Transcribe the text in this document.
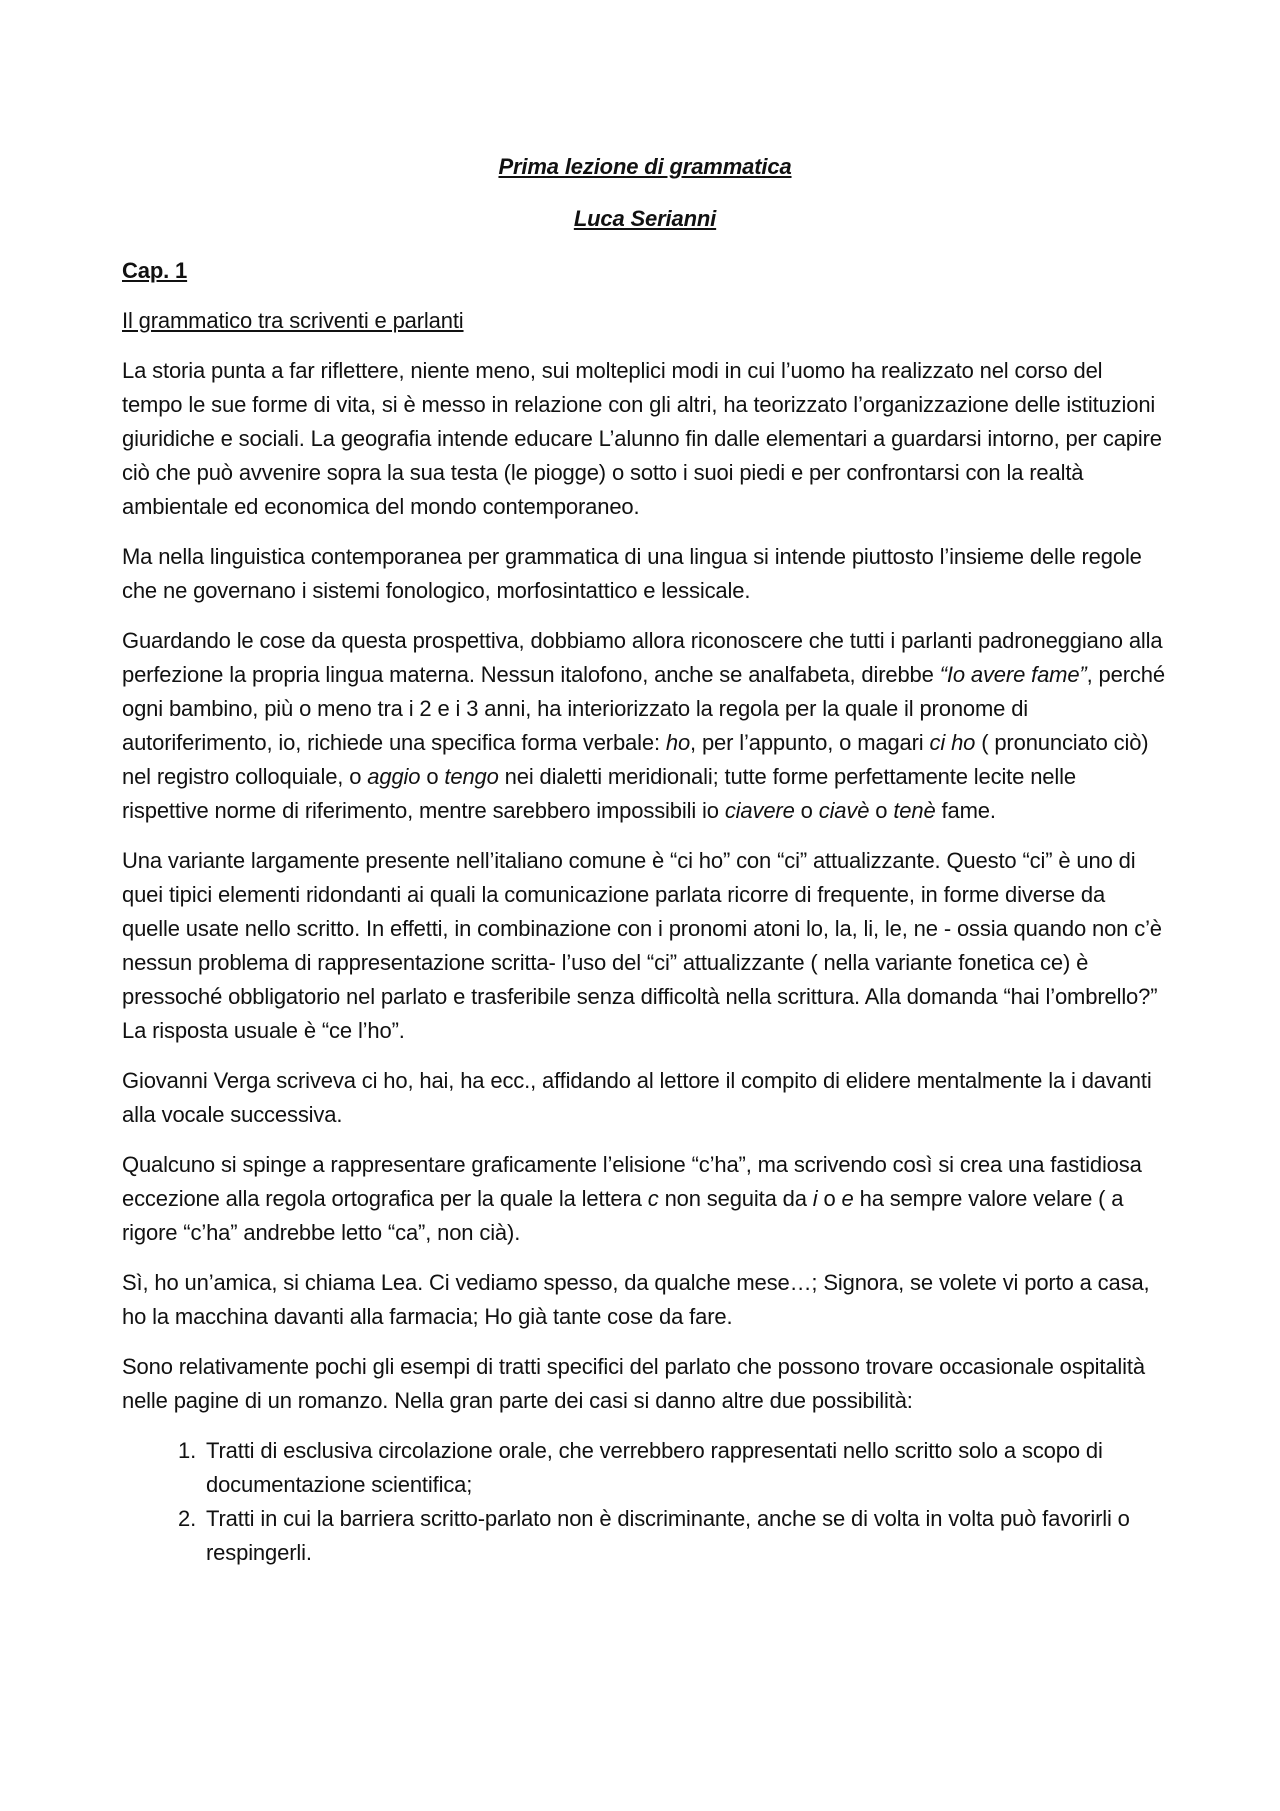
Prima lezione di grammatica

Luca Serianni

Cap. 1

Il grammatico tra scriventi e parlanti

La storia punta a far riflettere, niente meno, sui molteplici modi in cui l’uomo ha realizzato nel corso del tempo le sue forme di vita, si è messo in relazione con gli altri, ha teorizzato l’organizzazione delle istituzioni giuridiche e sociali. La geografia intende educare L’alunno fin dalle elementari a guardarsi intorno, per capire ciò che può avvenire sopra la sua testa (le piogge) o sotto i suoi piedi e per confrontarsi con la realtà ambientale ed economica del mondo contemporaneo.

Ma nella linguistica contemporanea per grammatica di una lingua si intende piuttosto l’insieme delle regole che ne governano i sistemi fonologico, morfosintattico e lessicale.

Guardando le cose da questa prospettiva, dobbiamo allora riconoscere che tutti i parlanti padroneggiano alla perfezione la propria lingua materna. Nessun italofono, anche se analfabeta, direbbe “Io avere fame”, perché ogni bambino, più o meno tra i 2 e i 3 anni, ha interiorizzato la regola per la quale il pronome di autoriferimento, io, richiede una specifica forma verbale: ho, per l’appunto, o magari ci ho ( pronunciato ciò) nel registro colloquiale, o aggio o tengo nei dialetti meridionali; tutte forme perfettamente lecite nelle rispettive norme di riferimento, mentre sarebbero impossibili io ciavere o ciavè o tenè fame.

Una variante largamente presente nell’italiano comune è “ci ho” con “ci” attualizzante. Questo “ci” è uno di quei tipici elementi ridondanti ai quali la comunicazione parlata ricorre di frequente, in forme diverse da quelle usate nello scritto. In effetti, in combinazione con i pronomi atoni lo, la, li, le, ne - ossia quando non c’è nessun problema di rappresentazione scritta- l’uso del “ci” attualizzante ( nella variante fonetica ce) è pressoché obbligatorio nel parlato e trasferibile senza difficoltà nella scrittura. Alla domanda “hai l’ombrello?” La risposta usuale è “ce l’ho”.

Giovanni Verga scriveva ci ho, hai, ha ecc., affidando al lettore il compito di elidere mentalmente la i davanti alla vocale successiva.

Qualcuno si spinge a rappresentare graficamente l’elisione “c’ha”, ma scrivendo così si crea una fastidiosa eccezione alla regola ortografica per la quale la lettera c non seguita da i o e ha sempre valore velare ( a rigore “c’ha” andrebbe letto “ca”, non cià).

Sì, ho un’amica, si chiama Lea. Ci vediamo spesso, da qualche mese…; Signora, se volete vi porto a casa, ho la macchina davanti alla farmacia; Ho già tante cose da fare.

Sono relativamente pochi gli esempi di tratti specifici del parlato che possono trovare occasionale ospitalità nelle pagine di un romanzo. Nella gran parte dei casi si danno altre due possibilità:

1. Tratti di esclusiva circolazione orale, che verrebbero rappresentati nello scritto solo a scopo di documentazione scientifica;
2. Tratti in cui la barriera scritto-parlato non è discriminante, anche se di volta in volta può favorirli o respingerli.
